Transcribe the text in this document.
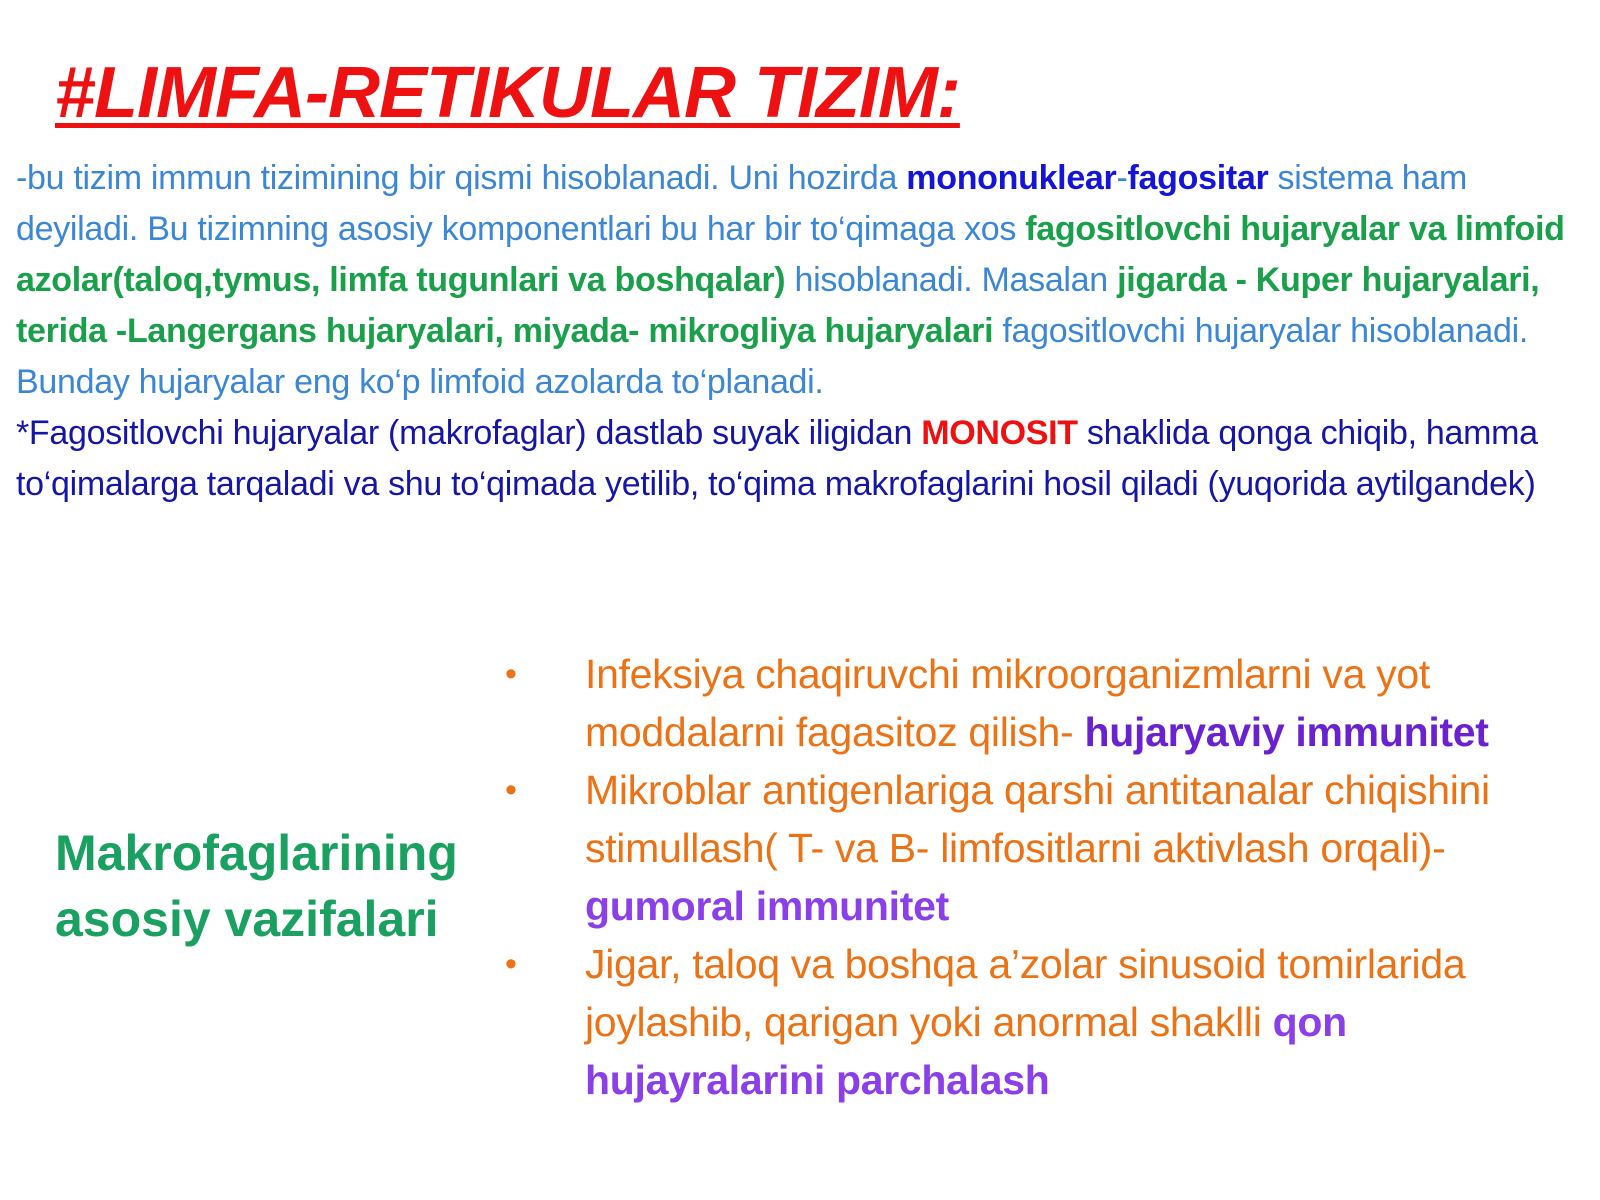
#LIMFA-RETIKULAR TIZIM:

-bu tizim immun tizimining bir qismi hisoblanadi. Uni hozirda mononuklear-fagositar sistema ham deyiladi. Bu tizimning asosiy komponentlari bu har bir to‘qimaga xos fagositlovchi hujaryalar va limfoid azolar(taloq,tymus, limfa tugunlari va boshqalar) hisoblanadi. Masalan jigarda - Kuper hujaryalari, terida -Langergans hujaryalari, miyada- mikrogliya hujaryalari fagositlovchi hujaryalar hisoblanadi. Bunday hujaryalar eng ko‘p limfoid azolarda to‘planadi.
*Fagositlovchi hujaryalar (makrofaglar) dastlab suyak iligidan MONOSIT shaklida qonga chiqib, hamma to‘qimalarga tarqaladi va shu to‘qimada yetilib, to‘qima makrofaglarini hosil qiladi (yuqorida aytilgandek)

Makrofaglarining asosiy vazifalari
• Infeksiya chaqiruvchi mikroorganizmlarni va yot moddalarni fagasitoz qilish- hujaryaviy immunitet
• Mikroblar antigenlariga qarshi antitanalar chiqishini stimullash( T- va B- limfositlarni aktivlash orqali)- gumoral immunitet
• Jigar, taloq va boshqa a’zolar sinusoid tomirlarida joylashib, qarigan yoki anormal shaklli qon hujayralarini parchalash
